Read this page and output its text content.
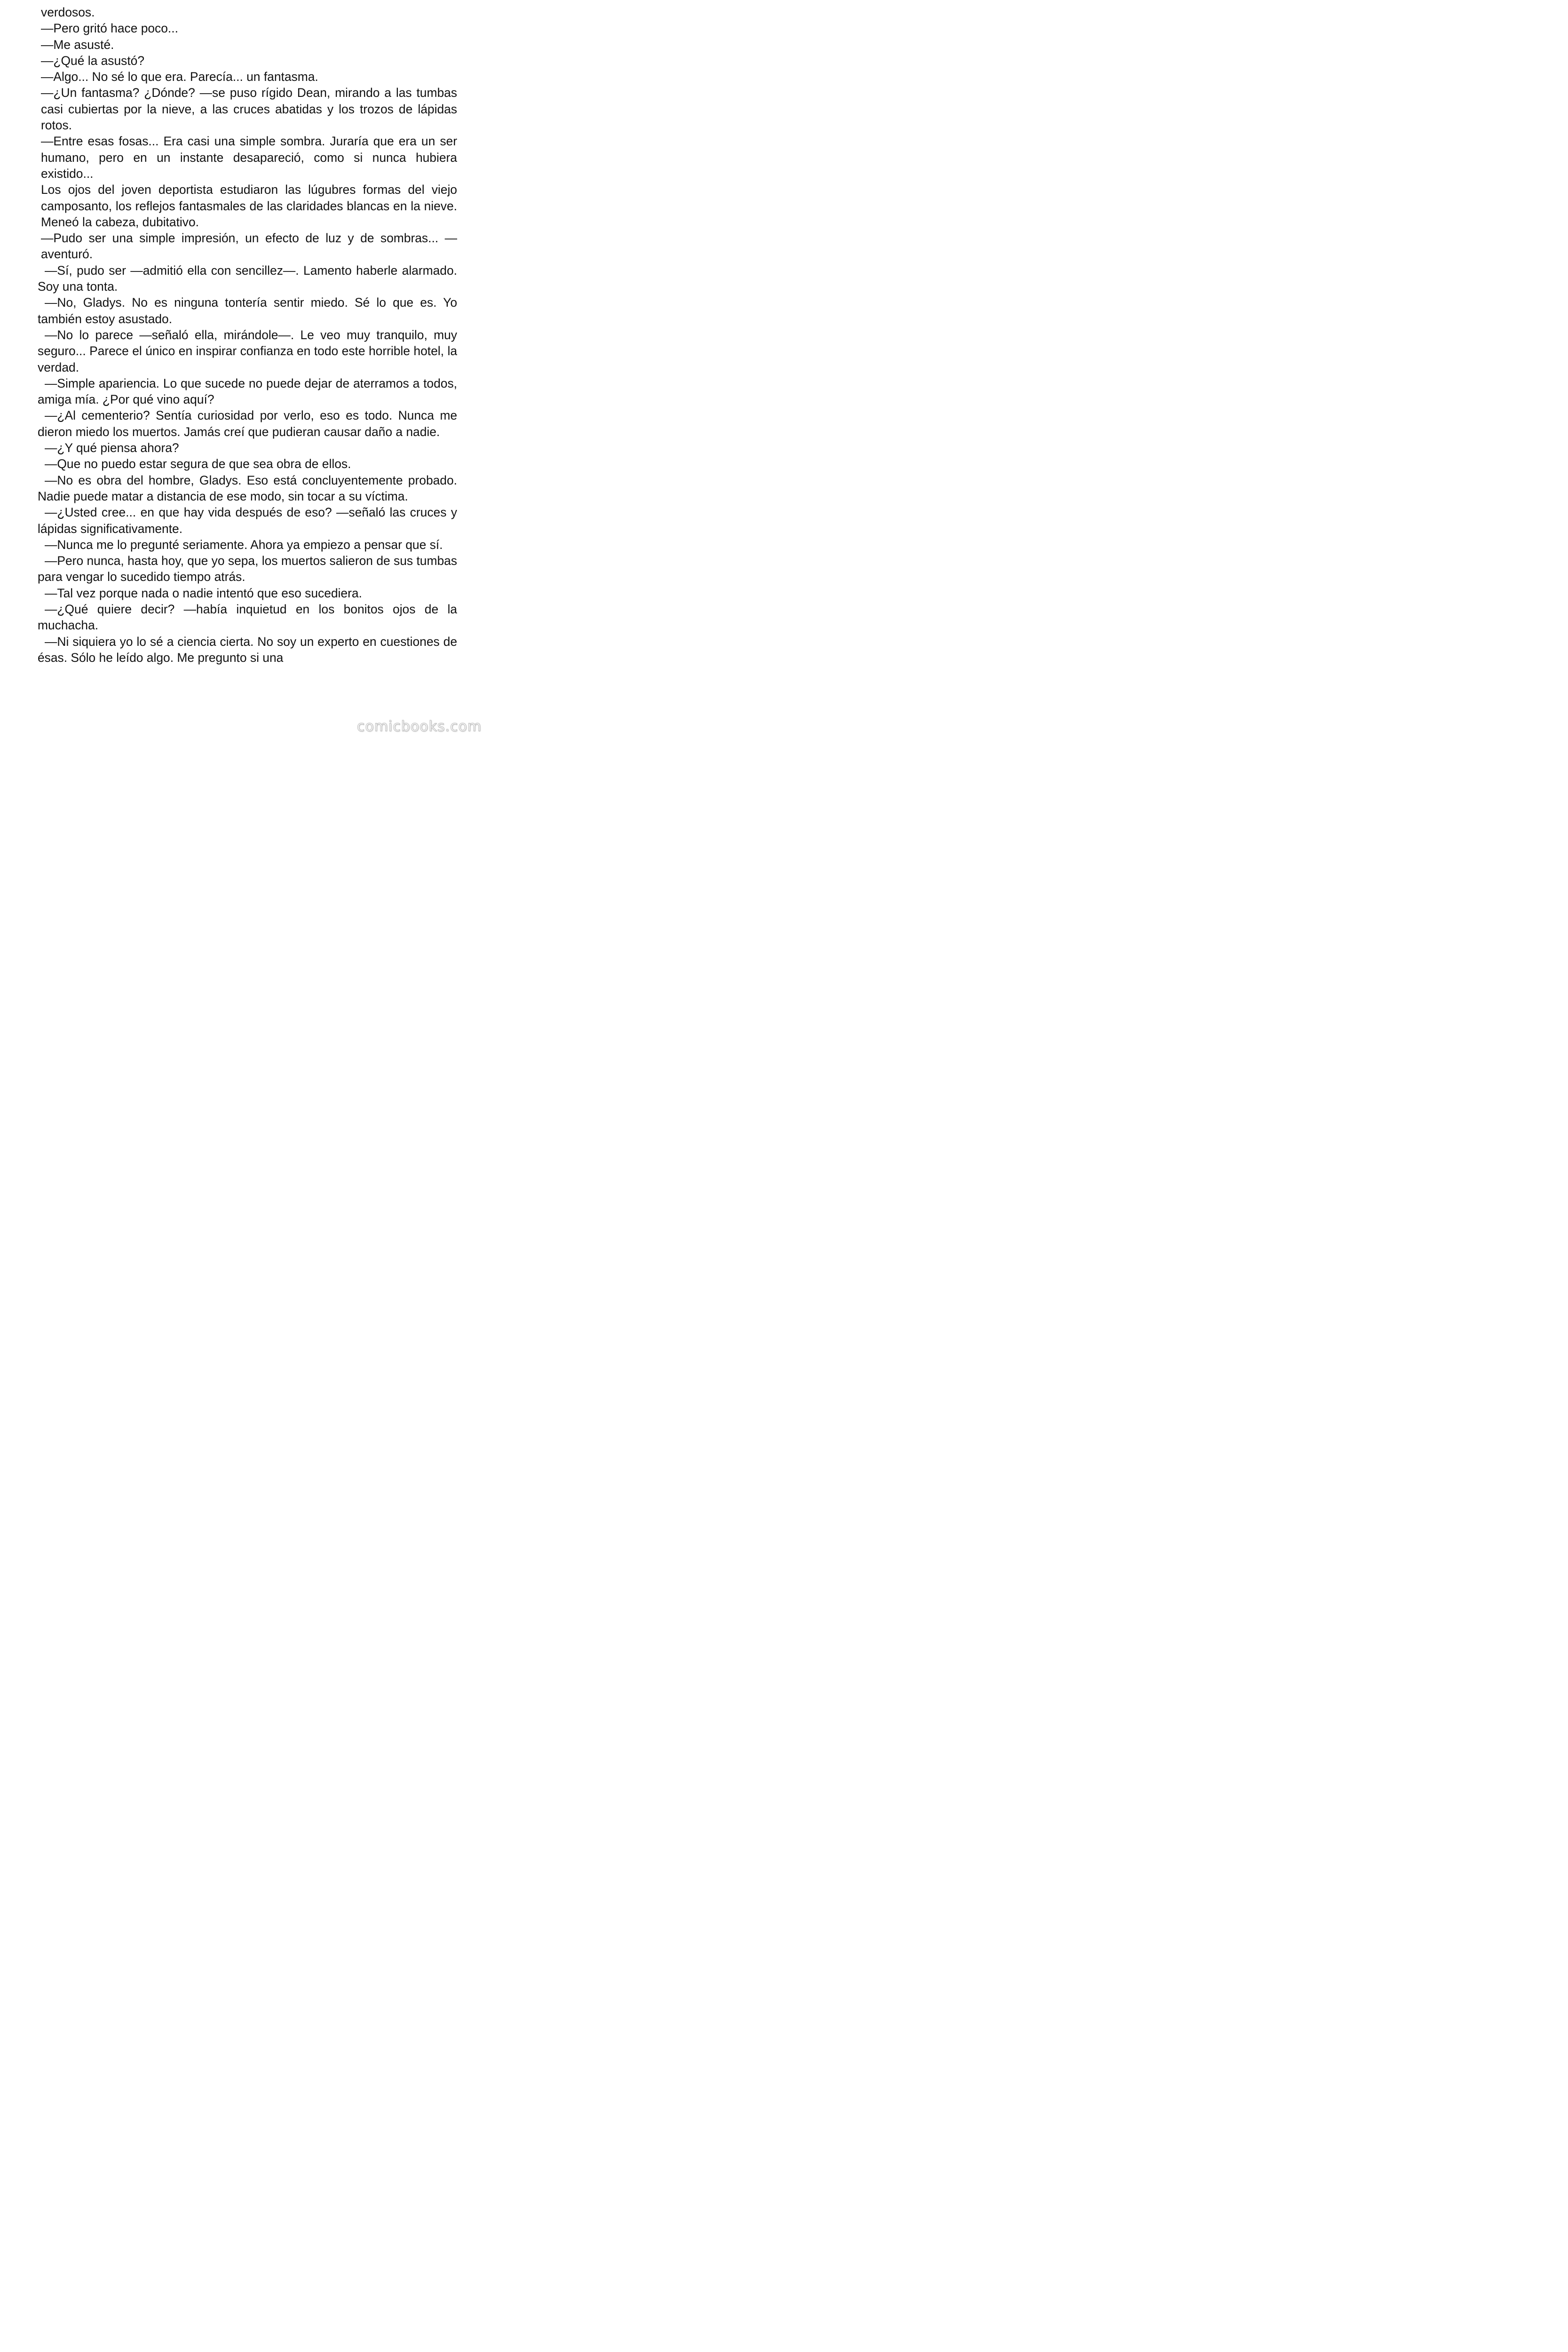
verdosos.

—Pero gritó hace poco...

—Me asusté.

—¿Qué la asustó?

—Algo... No sé lo que era. Parecía... un fantasma.

—¿Un fantasma? ¿Dónde? —se puso rígido Dean, mirando a las tumbas casi cubiertas por la nieve, a las cruces abatidas y los trozos de lápidas rotos.

—Entre esas fosas... Era casi una simple sombra. Juraría que era un ser humano, pero en un instante desapareció, como si nunca hubiera existido...

Los ojos del joven deportista estudiaron las lúgubres formas del viejo camposanto, los reflejos fantasmales de las claridades blancas en la nieve. Meneó la cabeza, dubitativo.

—Pudo ser una simple impresión, un efecto de luz y de sombras... — aventuró.

—Sí, pudo ser —admitió ella con sencillez—. Lamento haberle alarmado. Soy una tonta.

—No, Gladys. No es ninguna tontería sentir miedo. Sé lo que es. Yo también estoy asustado.

—No lo parece —señaló ella, mirándole—. Le veo muy tranquilo, muy seguro... Parece el único en inspirar confianza en todo este horrible hotel, la verdad.

—Simple apariencia. Lo que sucede no puede dejar de aterramos a todos, amiga mía. ¿Por qué vino aquí?

—¿Al cementerio? Sentía curiosidad por verlo, eso es todo. Nunca me dieron miedo los muertos. Jamás creí que pudieran causar daño a nadie.

—¿Y qué piensa ahora?

—Que no puedo estar segura de que sea obra de ellos.

—No es obra del hombre, Gladys. Eso está concluyentemente probado. Nadie puede matar a distancia de ese modo, sin tocar a su víctima.

—¿Usted cree... en que hay vida después de eso? —señaló las cruces y lápidas significativamente.

—Nunca me lo pregunté seriamente. Ahora ya empiezo a pensar que sí.

—Pero nunca, hasta hoy, que yo sepa, los muertos salieron de sus tumbas para vengar lo sucedido tiempo atrás.

—Tal vez porque nada o nadie intentó que eso sucediera.

—¿Qué quiere decir? —había inquietud en los bonitos ojos de la muchacha.

—Ni siquiera yo lo sé a ciencia cierta. No soy un experto en cuestiones de ésas. Sólo he leído algo. Me pregunto si una

comicbooks.com
